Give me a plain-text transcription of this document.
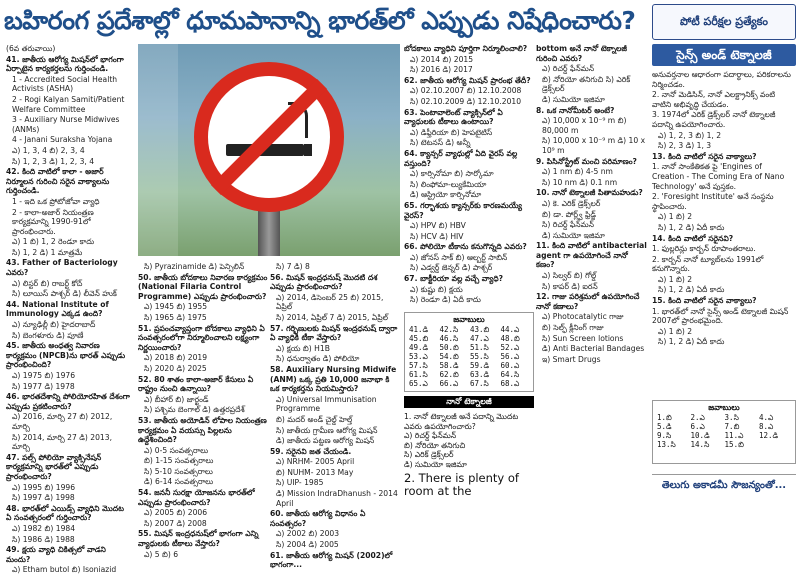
బహిరంగ ప్రదేశాల్లో ధూమపానాన్ని భారత్‌లో ఎప్పుడు నిషేధించారు?	పోటీ పరీక్షల ప్రత్యేకం

(6వ తరువాయి)

41. జాతీయ ఆరోగ్య మిషన్‌లో భాగంగా ఏర్పాటైన కార్యకర్తలను గుర్తించండి.

1 - Accredited Social Health Activists (ASHA)

2 - Rogi Kalyan Samiti/Patient Welfare Committee

3 - Auxiliary Nurse Midwives (ANMs)

4 - Janani Suraksha Yojana

ఎ) 1, 3, 4 బి) 2, 3, 4

సి) 1, 2, 3 డి) 1, 2, 3, 4

42. కింది వాటిలో కాలా - అజార్ నిర్మూలన గురించి సరైన వాక్యాలను గుర్తించండి.

1 - ఇది ఒక ప్రోటోజోవా వ్యాధి

2 - కాలా-అజార్ నియంత్రణ కార్యక్రమాన్ని 1990-91లో ప్రారంభించారు.

ఎ) 1 బి) 1, 2 రెండూ కాదు

సి) 1, 2 డి) 1 మాత్రమే

43. Father of Bacteriology ఎవరు?

ఎ) లిస్టర్ బి) రాబర్ట్ కోచ్

సి) లూయిస్ పాశ్చర్ డి) లీవెన్ హుక్

44. National Institute of Immunology ఎక్కడ ఉంది?

ఎ) న్యూఢిల్లీ బి) హైదరాబాద్

సి) బెంగళూరు డి) పూణే

45. జాతీయ అంధత్వ నివారణ కార్యక్రమం (NPCB)ను భారత్ ఎప్పుడు ప్రారంభించింది?

ఎ) 1975 బి) 1976

సి) 1977 డి) 1978

46. భారతదేశాన్ని పోలియోరహిత దేశంగా ఎప్పుడు ప్రకటించారు?

ఎ) 2016, మార్చి 27 బి) 2012, మార్చి

సి) 2014, మార్చి 27 డి) 2013, మార్చి

47. పల్స్ పోలియో వ్యాక్సినేషన్ కార్యక్రమాన్ని భారత్‌లో ఎప్పుడు ప్రారంభించారు?

ఎ) 1995 బి) 1996

సి) 1997 డి) 1998

48. భారత్‌లో ఎయిడ్స్ వ్యాధిని మొదట ఏ సంవత్సరంలో గుర్తించారు?

ఎ) 1982 బి) 1984

సి) 1986 డి) 1988

49. క్షయ వ్యాధి చికిత్సలో వాడని మందు?

ఎ) Etham butol బి) Isoniazid

సి) Pyrazinamide డి) పెన్సిలిన్

50. జాతీయ బోదకాలు నివారణ కార్యక్రమం (National Filaria Control Programme) ఎప్పుడు ప్రారంభించారు?

ఎ) 1945 బి) 1955

సి) 1965 డి) 1975

51. ప్రపంచవ్యాప్తంగా బోదకాలు వ్యాధిని ఏ సంవత్సరంలోగా నిర్మూలించాలని లక్ష్యంగా నిర్ణయించారు?

ఎ) 2018 బి) 2019

సి) 2020 డి) 2025

52. 80 శాతం కాలా-అజార్ కేసులు ఏ రాష్ట్రం నుంచి ఉన్నాయి?

ఎ) బీహార్ బి) జార్ఖండ్

సి) పశ్చిమ బెంగాల్ డి) ఉత్తరప్రదేశ్

53. జాతీయ అయోడిన్ లోపాల నియంత్రణ కార్యక్రమం ఏ వయస్సు పిల్లలను ఉద్దేశించింది?

ఎ) 0-5 సంవత్సరాలు

బి) 1-15 సంవత్సరాలు

సి) 5-10 సంవత్సరాలు

డి) 6-14 సంవత్సరాలు

54. జననీ సురక్షా యోజనను భారత్‌లో ఎప్పుడు ప్రారంభించారు?

ఎ) 2005 బి) 2006

సి) 2007 డి) 2008

55. మిషన్ ఇంద్రధనుష్‌లో భాగంగా ఎన్ని వ్యాధులకు టీకాలు వేస్తారు?

ఎ) 5 బి) 6

సి) 7 డి) 8

56. మిషన్ ఇంద్రధనుష్ మొదటి దశ ఎప్పుడు ప్రారంభించారు?

ఎ) 2014, డిసెంబర్ 25 బి) 2015, ఏప్రిల్

సి) 2014, ఏప్రిల్ 7 డి) 2015, ఏప్రిల్

57. గర్భిణులకు మిషన్ ఇంద్రధనుష్ ద్వారా ఏ వ్యాధికి టీకా వేస్తారు?

ఎ) క్షయ బి) H1B

సి) ధనుర్వాతం డి) పోలియో

58. Auxiliary Nursing Midwife (ANM) ఒక్క ప్రతి 10,000 జనాభా కి ఒక కార్యకర్తను నియమిస్తారు?

ఎ) Universal Immunisation Programme

బి) మదర్ అండ్ చైల్డ్ హెల్త్

సి) జాతీయ గ్రామీణ ఆరోగ్య మిషన్

డి) జాతీయ పట్టణ ఆరోగ్య మిషన్

59. సరైనవి జత చేయండి.

ఎ) NRHM- 2005 April

బి) NUHM- 2013 May

సి) UIP- 1985

డి) Mission IndraDhanush - 2014 April

60. జాతీయ ఆరోగ్య విధానం ఏ సంవత్సరం?

ఎ) 2002 బి) 2003

సి) 2004 డి) 2005

61. జాతీయ ఆరోగ్య మిషన్ (2002)లో భాగంగా...

బోదకాలు వ్యాధిని పూర్తిగా నిర్మూలించాలి?

ఎ) 2014 బి) 2015

సి) 2016 డి) 2017

62. జాతీయ ఆరోగ్య మిషన్ ప్రారంభ తేదీ?

ఎ) 02.10.2007 బి) 12.10.2008

సి) 02.10.2009 డి) 12.10.2010

63. పెంటావాలెంట్ వ్యాక్సిన్‌లో ఏ వ్యాధులకు టీకాలు ఉంటాయి?

ఎ) డిఫ్తీరియా బి) హెపటైటిస్

సి) టెటనస్ డి) అన్నీ

64. క్యాన్సర్ వ్యాధుల్లో ఏది వైరస్ వల్ల వస్తుంది?

ఎ) కార్సినోమా బి) సార్కోమా

సి) లింఫోమా-ల్యుకేమియా

డి) ఆస్ట్రియో కార్సినోమా

65. గర్భాశయ క్యాన్సర్‌కు కారణమయ్యే వైరస్?

ఎ) HPV బి) HBV

సి) HCV డి) HIV

66. పోలియో టీకాను కనుగొన్నది ఎవరు?

ఎ) జోనస్ సాక్ బి) ఆల్బర్ట్ సాబిన్

సి) ఎడ్వర్డ్ జెన్నర్ డి) పాశ్చర్

67. బాక్టీరియా వల్ల వచ్చే వ్యాధి?

ఎ) కుష్టు బి) క్షయ

సి) రెండూ డి) ఏదీ కాదు

జవాబులు
41.డి	42.సి	43.బి	44.ఎ
45.బి	46.సి	47.ఎ	48.బి
49.డి	50.బి	51.సి	52.ఎ
53.ఎ	54.బి	55.సి	56.ఎ
57.సి	58.డి	59.డి	60.ఎ
61.సి	62.బి	63.డి	64.సి
65.ఎ	66.ఎ	67.సి	68.ఎ
నానో టెక్నాలజీ

1. నానో టెక్నాలజీ అనే పదాన్ని మొదట ఎవరు ఉపయోగించారు?

ఎ) రిచర్డ్ ఫేన్‌మన్

బి) నోరియో తనిగుచి

సి) ఎరిక్ డ్రెక్స్‌లర్

డి) సుమియో ఇజిమా

2. There is plenty of room at the

bottom అనే నానో టెక్నాలజీ గురించి ఎవరు?

ఎ) రిచర్డ్ ఫేన్‌మన్

బి) నోరియో తనిగుచి సి) ఎరిక్ డ్రెక్స్‌లర్

డి) సుమియో ఇజిమా

8. ఒక నానోమీటర్ అంటే?

ఎ) 10,000 x 10⁻⁹ m బి) 80,000 m

సి) 10,000 x 10⁻⁹ m డి) 10 x 10⁹ m

9. పిసినోస్ట్రేట్ మంచి పరిమాణం?

ఎ) 1 nm బి) 4-5 nm

సి) 10 nm డి) 0.1 nm

10. నానో టెక్నాలజీ పితామహుడు?

ఎ) కె. ఎరిక్ డ్రెక్స్‌లర్

బి) డా. పోర్ల్వ్ ఫ్రిడ్జ్

సి) రిచర్డ్ ఫేన్‌మన్

డి) సుమియో ఇజిమా

11. కింది వాటిలో antibacterial agent గా ఉపయోగించే నానో కణం?

ఎ) సిల్వర్ బి) గోల్డ్

సి) కాపర్ డి) ఐరన్

12. గాజు పరిశ్రమలో ఉపయోగించే నానో కణాలు?

ఎ) Photocatalytic గాజు

బి) సెల్ఫ్ క్లీనింగ్ గాజు

సి) Sun Screen lotions

డి) Anti Bacterial Bandages

ఇ) Smart Drugs

సైన్స్ అండ్ టెక్నాలజీ

అనువర్తనాల ఆధారంగా పదార్థాలు, పరికరాలను నిర్మించడం.

2. నానో మెడిసిన్, నానో ఎలక్ట్రానిక్స్ వంటి వాటిని అభివృద్ధి చేయడం.

3. 1974లో ఎరిక్ డ్రెక్స్‌లర్ నానో టెక్నాలజీ పదాన్ని ఉపయోగించారు.

ఎ) 1, 2, 3 బి) 1, 2

సి) 2, 3 డి) 1, 3

13. కింది వాటిలో సరైన వాక్యాలు?

1. నానో సాంకేతికత పై 'Engines of Creation - The Coming Era of Nano Technology' అనే పుస్తకం.

2. 'Foresight Institute' అనే సంస్థను స్థాపించారు.

ఎ) 1 బి) 2

సి) 1, 2 డి) ఏదీ కాదు

14. కింది వాటిలో సరైనవి?

1. ఫుల్లరిన్లు కార్బన్ రూపాంతరాలు.

2. కార్బన్ నానో ట్యూబ్‌లను 1991లో కనుగొన్నారు.

ఎ) 1 బి) 2

సి) 1, 2 డి) ఏదీ కాదు

15. కింది వాటిలో సరైన వాక్యాలు?

1. భారత్‌లో నానో సైన్స్ అండ్ టెక్నాలజీ మిషన్ 2007లో ప్రారంభమైంది.

ఎ) 1 బి) 2

సి) 1, 2 డి) ఏదీ కాదు

జవాబులు
1.బి	2.ఎ	3.సి	4.ఎ
5.డి	6.ఎ	7.బి	8.ఎ
9.సి	10.డి	11.ఎ	12.డి
13.సి	14.సి	15.బి	
తెలుగు అకాడమీ సౌజన్యంతో...
